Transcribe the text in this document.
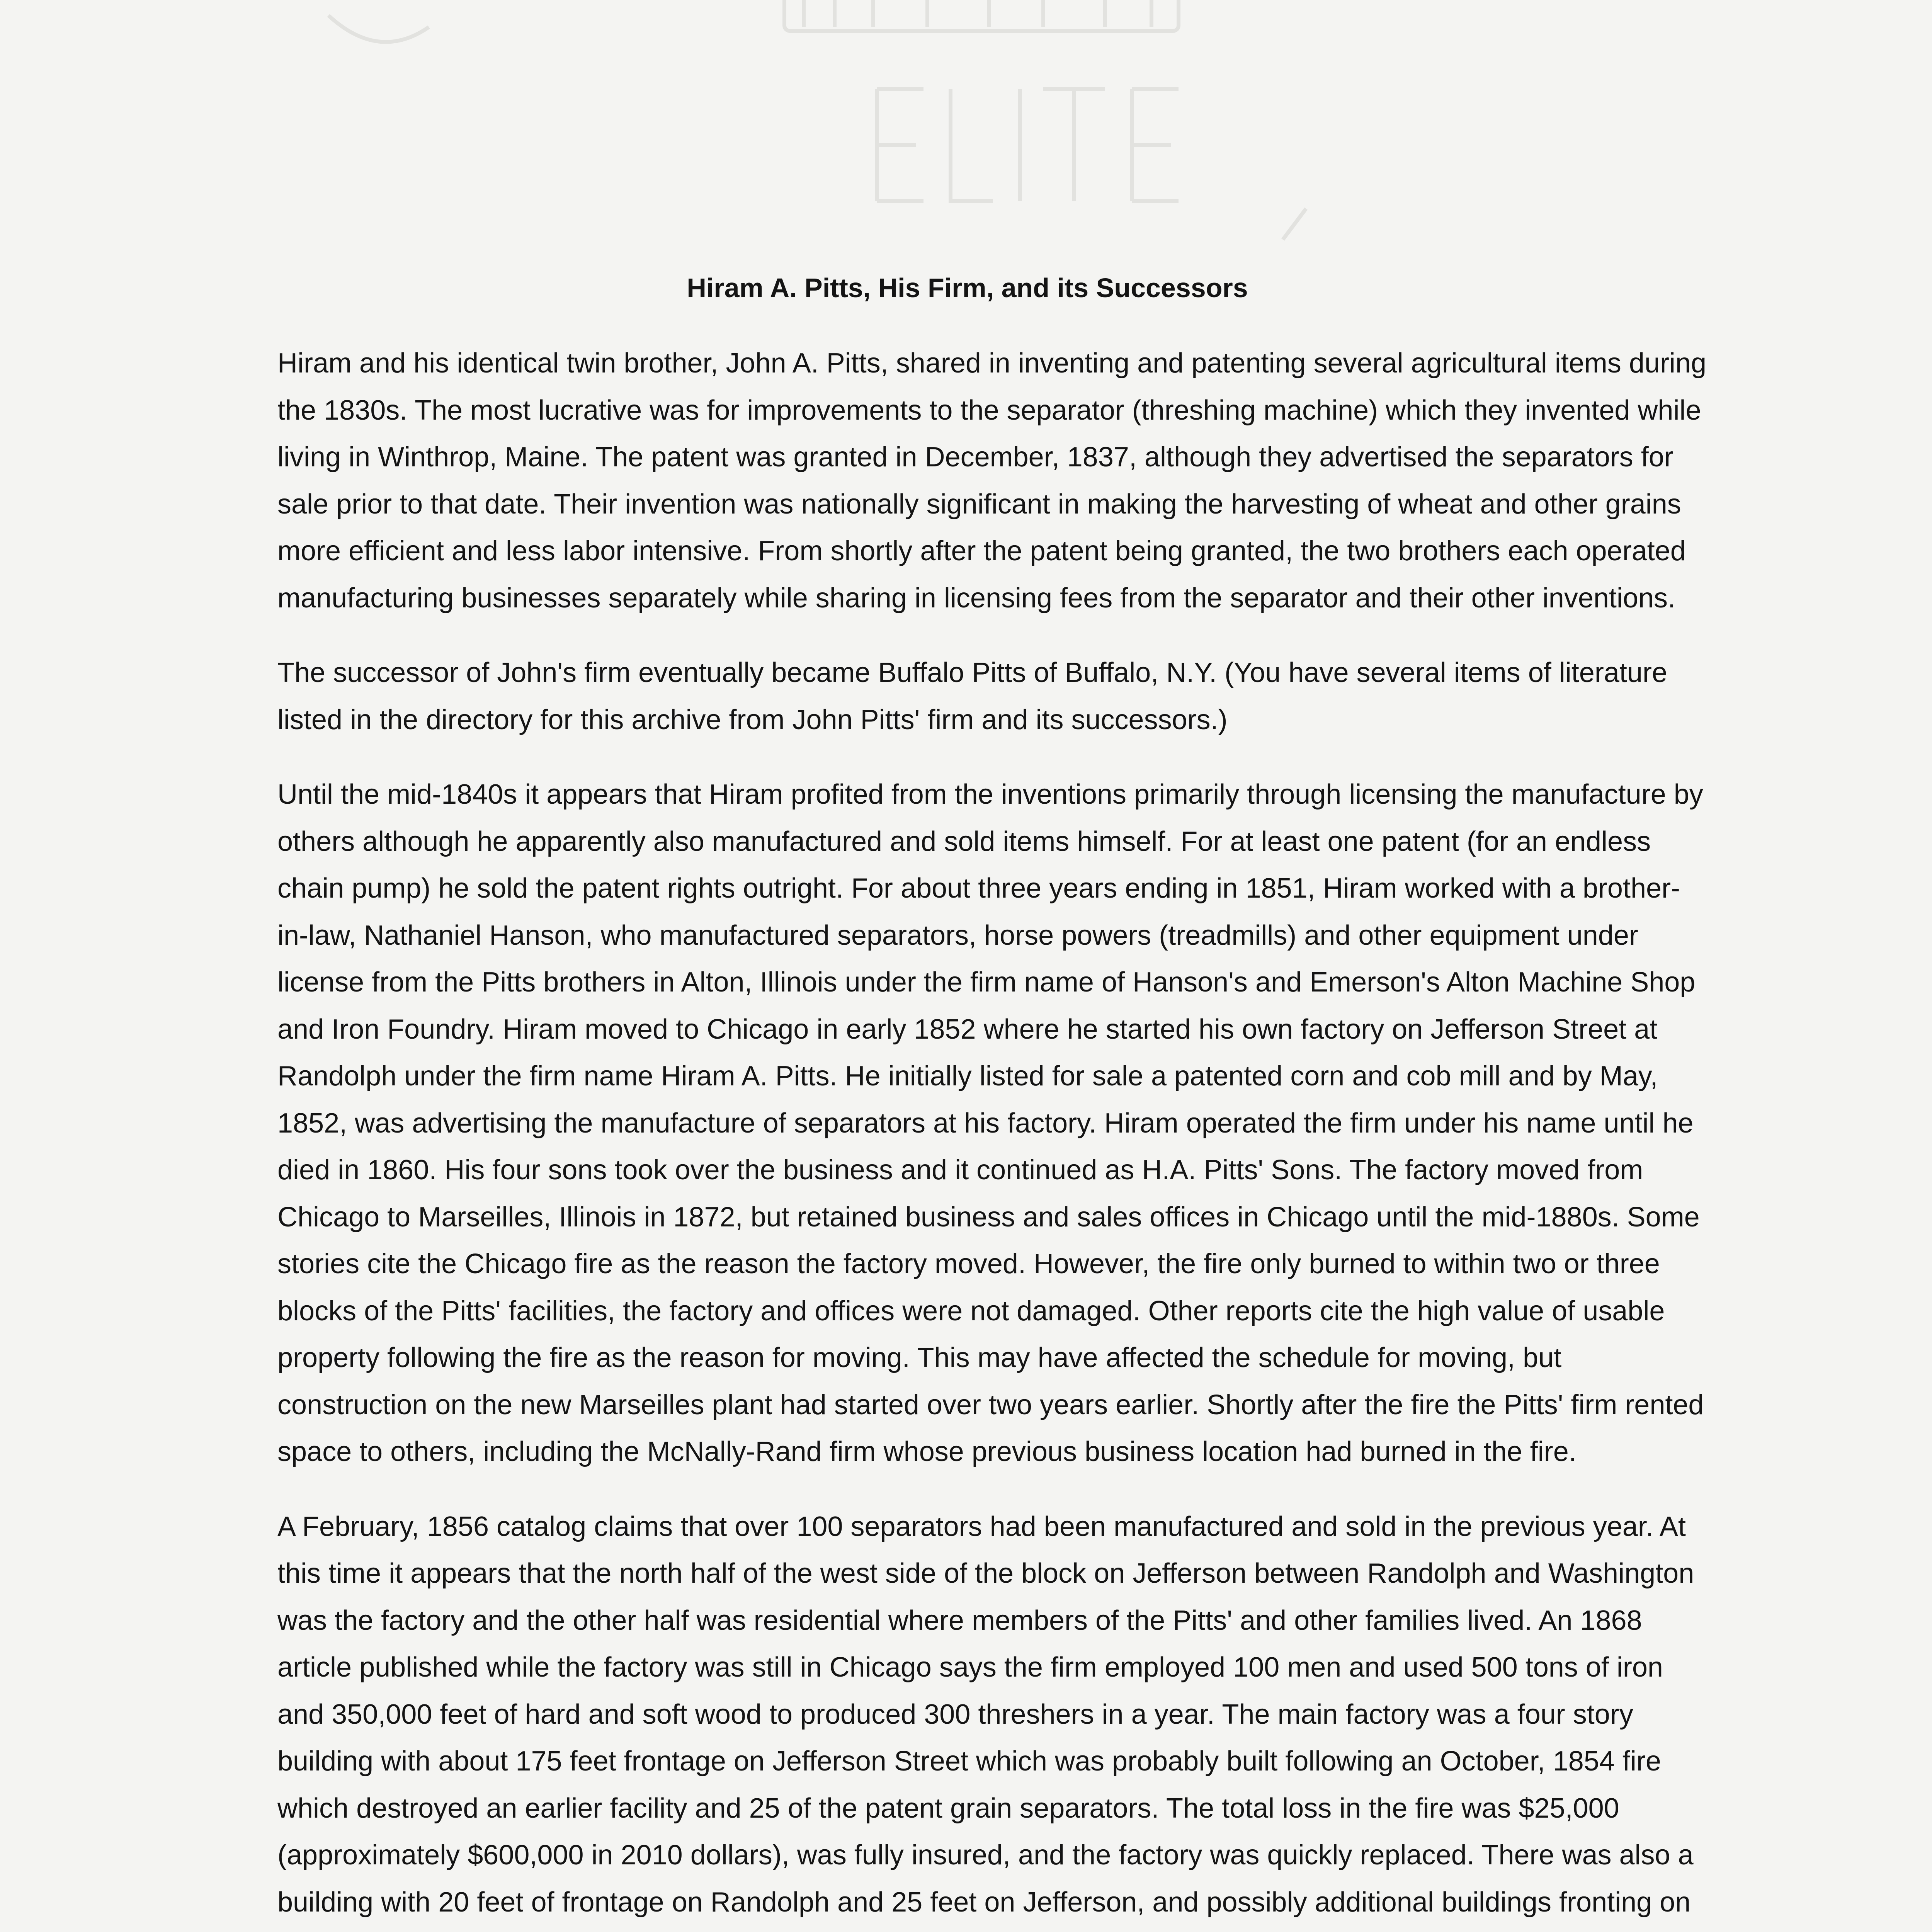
Hiram A. Pitts, His Firm, and its Successors

Hiram and his identical twin brother, John A. Pitts, shared in inventing and patenting several agricultural items during the 1830s. The most lucrative was for improvements to the separator (threshing machine) which they invented while living in Winthrop, Maine. The patent was granted in December, 1837, although they advertised the separators for sale prior to that date. Their invention was nationally significant in making the harvesting of wheat and other grains more efficient and less labor intensive. From shortly after the patent being granted, the two brothers each operated manufacturing businesses separately while sharing in licensing fees from the separator and their other inventions.

The successor of John's firm eventually became Buffalo Pitts of Buffalo, N.Y. (You have several items of literature listed in the directory for this archive from John Pitts' firm and its successors.)

Until the mid-1840s it appears that Hiram profited from the inventions primarily through licensing the manufacture by others although he apparently also manufactured and sold items himself. For at least one patent (for an endless chain pump) he sold the patent rights outright. For about three years ending in 1851, Hiram worked with a brother-in-law, Nathaniel Hanson, who manufactured separators, horse powers (treadmills) and other equipment under license from the Pitts brothers in Alton, Illinois under the firm name of Hanson's and Emerson's Alton Machine Shop and Iron Foundry. Hiram moved to Chicago in early 1852 where he started his own factory on Jefferson Street at Randolph under the firm name Hiram A. Pitts. He initially listed for sale a patented corn and cob mill and by May, 1852, was advertising the manufacture of separators at his factory. Hiram operated the firm under his name until he died in 1860. His four sons took over the business and it continued as H.A. Pitts' Sons. The factory moved from Chicago to Marseilles, Illinois in 1872, but retained business and sales offices in Chicago until the mid-1880s. Some stories cite the Chicago fire as the reason the factory moved. However, the fire only burned to within two or three blocks of the Pitts' facilities, the factory and offices were not damaged. Other reports cite the high value of usable property following the fire as the reason for moving. This may have affected the schedule for moving, but construction on the new Marseilles plant had started over two years earlier. Shortly after the fire the Pitts' firm rented space to others, including the McNally-Rand firm whose previous business location had burned in the fire.

A February, 1856 catalog claims that over 100 separators had been manufactured and sold in the previous year. At this time it appears that the north half of the west side of the block on Jefferson between Randolph and Washington was the factory and the other half was residential where members of the Pitts' and other families lived. An 1868 article published while the factory was still in Chicago says the firm employed 100 men and used 500 tons of iron and 350,000 feet of hard and soft wood to produced 300 threshers in a year. The main factory was a four story building with about 175 feet frontage on Jefferson Street which was probably built following an October, 1854 fire which destroyed an earlier facility and 25 of the patent grain separators. The total loss in the fire was $25,000 (approximately $600,000 in 2010 dollars), was fully insured, and the factory was quickly replaced. There was also a building with 20 feet of frontage on Randolph and 25 feet on Jefferson, and possibly additional buildings fronting on
